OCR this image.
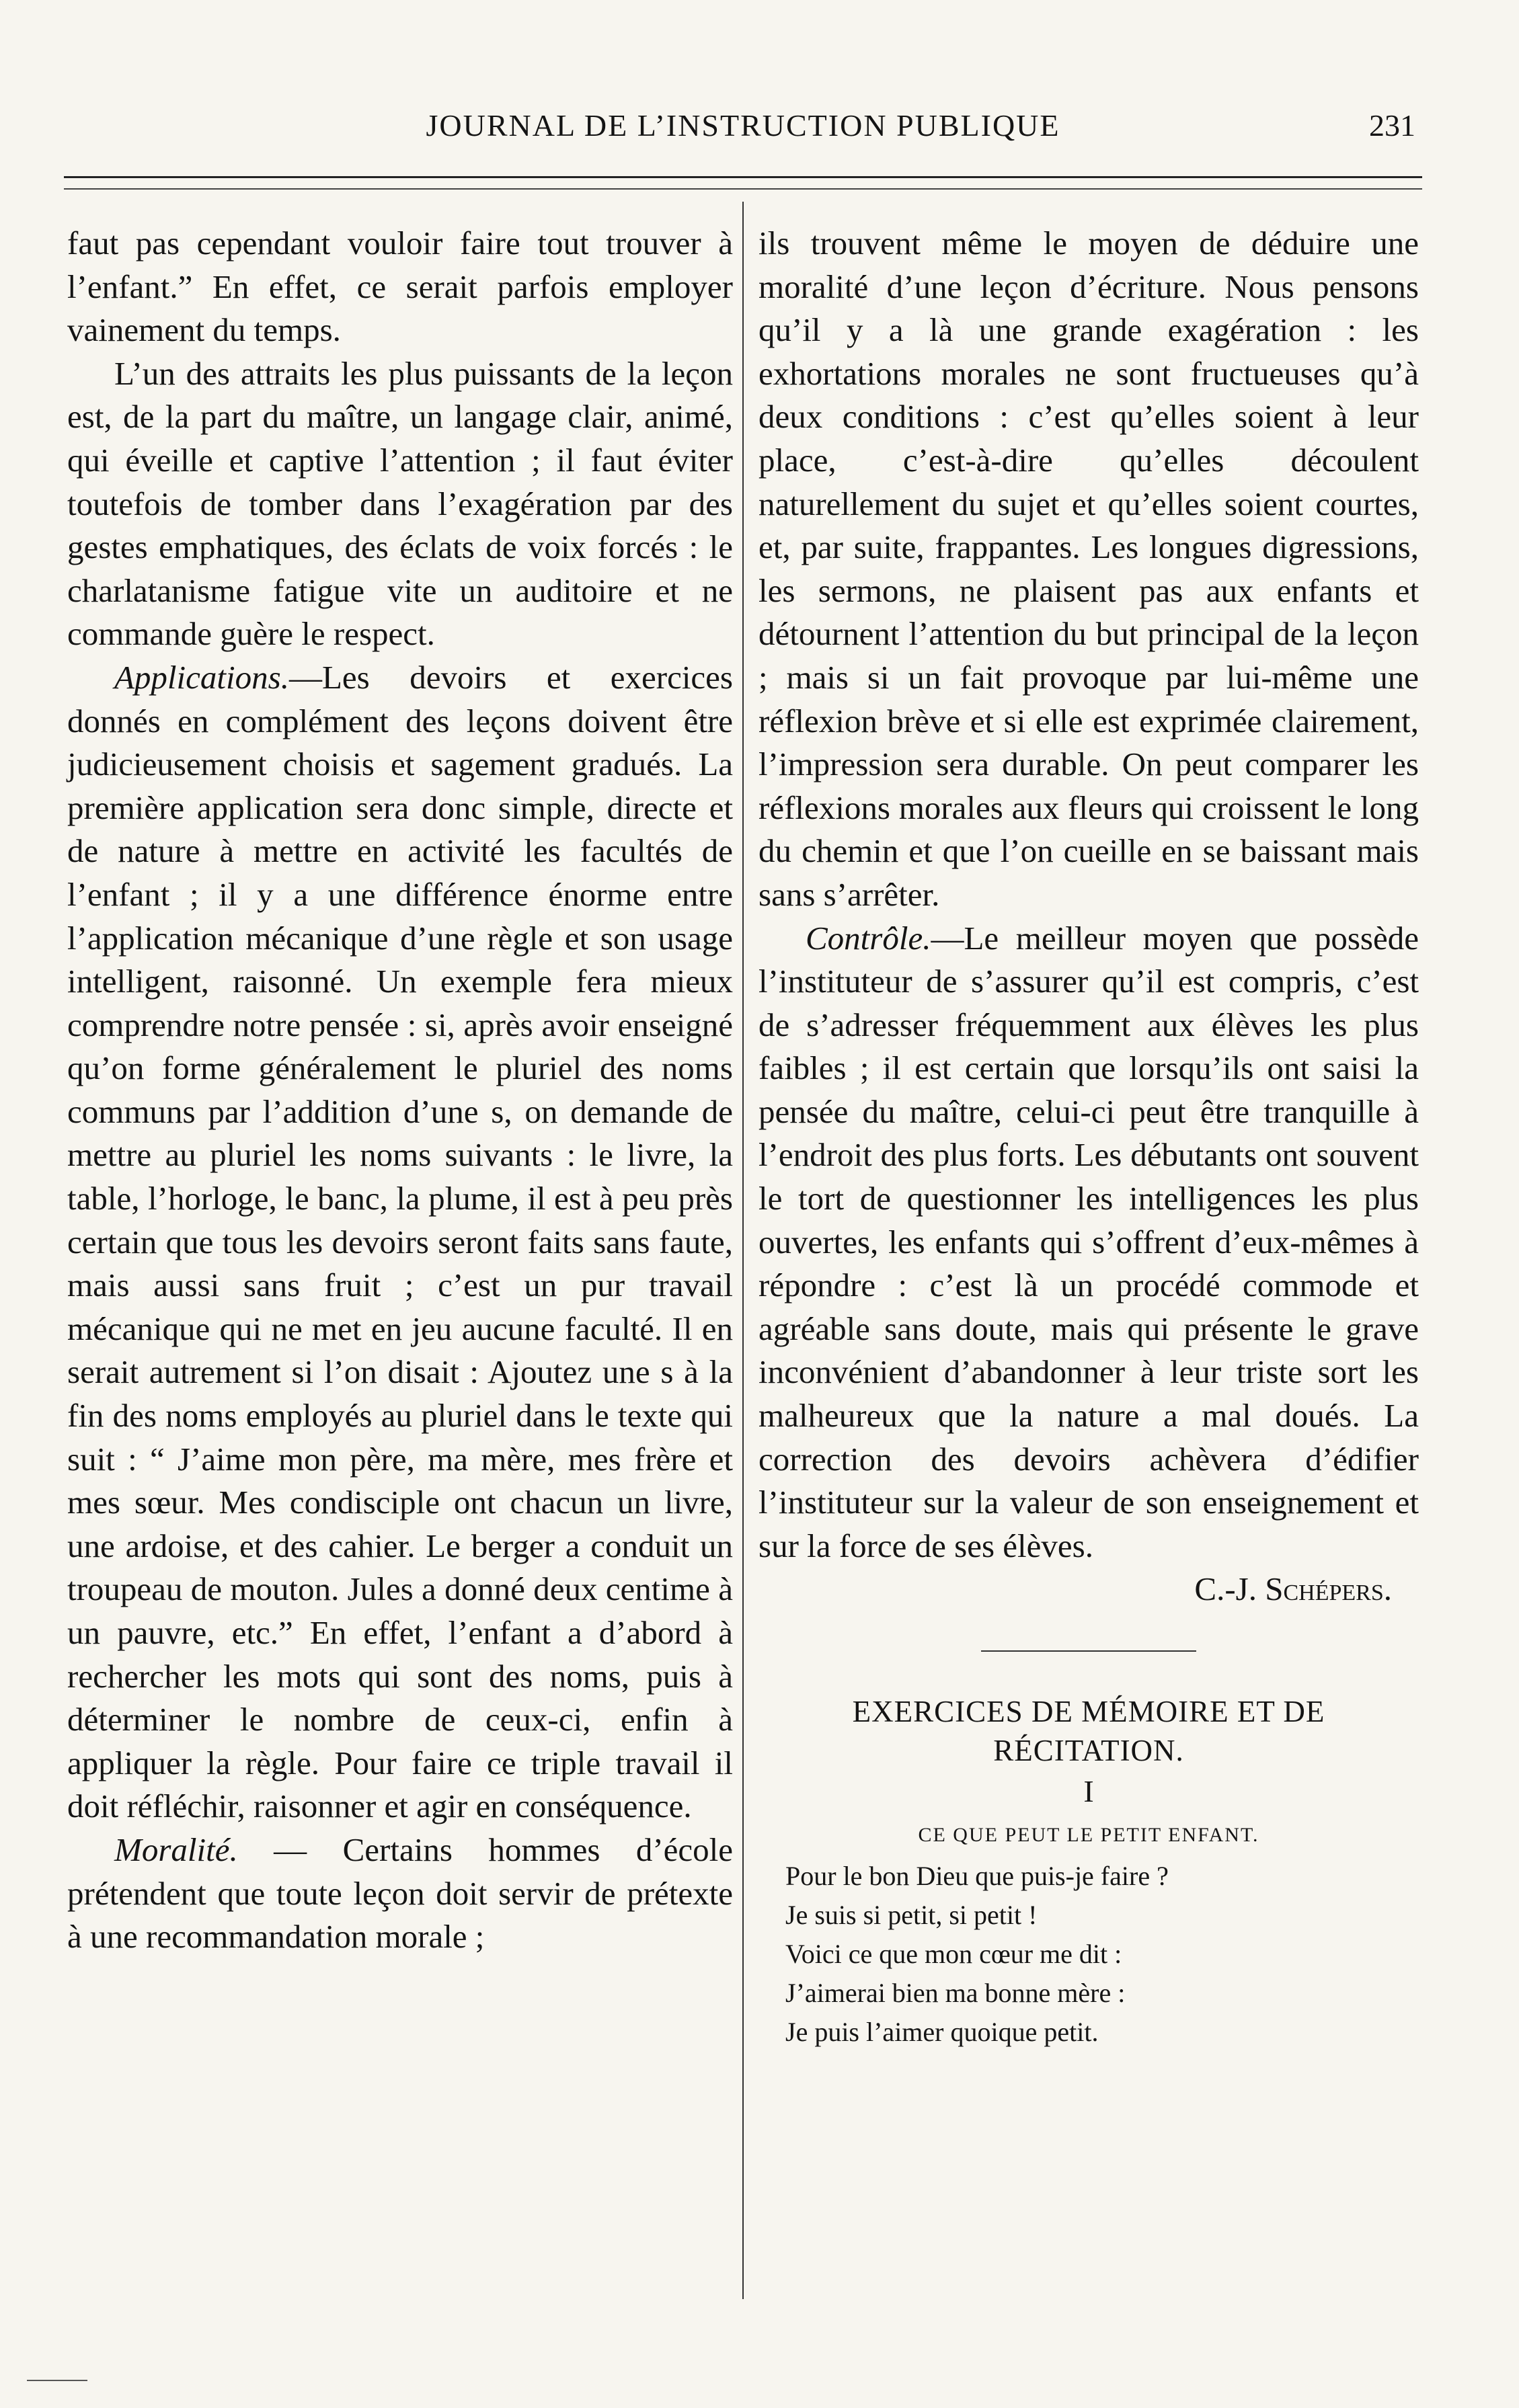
JOURNAL DE L’INSTRUCTION PUBLIQUE	231

faut pas cependant vouloir faire tout trouver à l’enfant.” En effet, ce serait parfois employer vainement du temps.

L’un des attraits les plus puissants de la leçon est, de la part du maître, un langage clair, animé, qui éveille et captive l’attention ; il faut éviter toutefois de tomber dans l’exagération par des gestes emphatiques, des éclats de voix forcés : le charlatanisme fatigue vite un auditoire et ne commande guère le respect.

Applications.—Les devoirs et exercices donnés en complément des leçons doivent être judicieusement choisis et sagement gradués. La première application sera donc simple, directe et de nature à mettre en activité les facultés de l’enfant ; il y a une différence énorme entre l’application mécanique d’une règle et son usage intelligent, raisonné. Un exemple fera mieux comprendre notre pensée : si, après avoir enseigné qu’on forme généralement le pluriel des noms communs par l’addition d’une s, on demande de mettre au pluriel les noms suivants : le livre, la table, l’horloge, le banc, la plume, il est à peu près certain que tous les devoirs seront faits sans faute, mais aussi sans fruit ; c’est un pur travail mécanique qui ne met en jeu aucune faculté. Il en serait autrement si l’on disait : Ajoutez une s à la fin des noms employés au pluriel dans le texte qui suit : “ J’aime mon père, ma mère, mes frère et mes sœur. Mes condisciple ont chacun un livre, une ardoise, et des cahier. Le berger a conduit un troupeau de mouton. Jules a donné deux centime à un pauvre, etc.” En effet, l’enfant a d’abord à rechercher les mots qui sont des noms, puis à déterminer le nombre de ceux-ci, enfin à appliquer la règle. Pour faire ce triple travail il doit réfléchir, raisonner et agir en conséquence.

Moralité. — Certains hommes d’école prétendent que toute leçon doit servir de prétexte à une recommandation morale ;

ils trouvent même le moyen de déduire une moralité d’une leçon d’écriture. Nous pensons qu’il y a là une grande exagération : les exhortations morales ne sont fructueuses qu’à deux conditions : c’est qu’elles soient à leur place, c’est-à-dire qu’elles découlent naturellement du sujet et qu’elles soient courtes, et, par suite, frappantes. Les longues digressions, les sermons, ne plaisent pas aux enfants et détournent l’attention du but principal de la leçon ; mais si un fait provoque par lui-même une réflexion brève et si elle est exprimée clairement, l’impression sera durable. On peut comparer les réflexions morales aux fleurs qui croissent le long du chemin et que l’on cueille en se baissant mais sans s’arrêter.

Contrôle.—Le meilleur moyen que possède l’instituteur de s’assurer qu’il est compris, c’est de s’adresser fréquemment aux élèves les plus faibles ; il est certain que lorsqu’ils ont saisi la pensée du maître, celui-ci peut être tranquille à l’endroit des plus forts. Les débutants ont souvent le tort de questionner les intelligences les plus ouvertes, les enfants qui s’offrent d’eux-mêmes à répondre : c’est là un procédé commode et agréable sans doute, mais qui présente le grave inconvénient d’abandonner à leur triste sort les malheureux que la nature a mal doués. La correction des devoirs achèvera d’édifier l’instituteur sur la valeur de son enseignement et sur la force de ses élèves.

C.-J. Schépers.

EXERCICES DE MÉMOIRE ET DE

RÉCITATION.

I

CE QUE PEUT LE PETIT ENFANT.

Pour le bon Dieu que puis-je faire ?
Je suis si petit, si petit !
Voici ce que mon cœur me dit :
J’aimerai bien ma bonne mère :
Je puis l’aimer quoique petit.
